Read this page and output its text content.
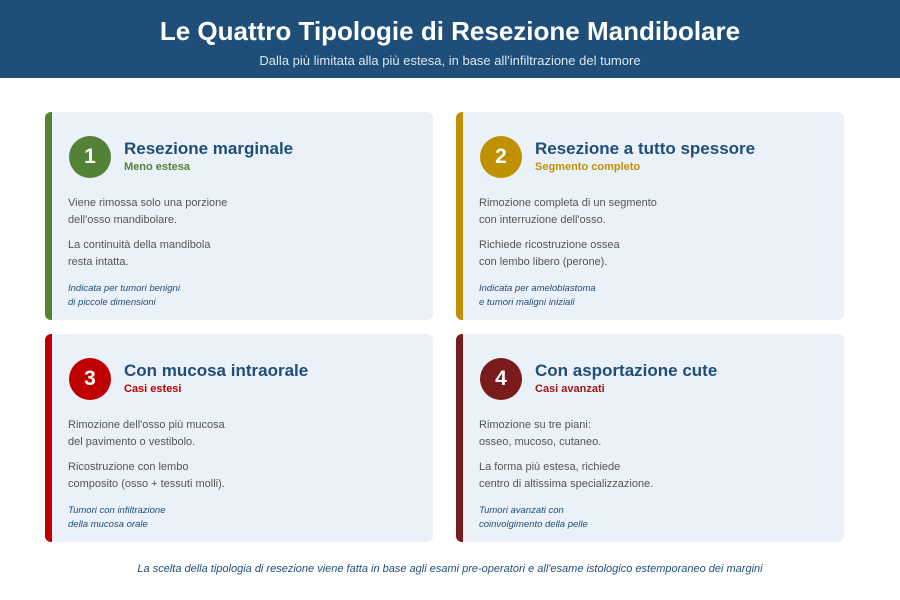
Le Quattro Tipologie di Resezione Mandibolare
Dalla più limitata alla più estesa, in base all'infiltrazione del tumore
1	Resezione marginale
Meno estesa
Viene rimossa solo una porzione
dell'osso mandibolare.
La continuità della mandibola
resta intatta.
Indicata per tumori benigni
di piccole dimensioni
2	Resezione a tutto spessore
Segmento completo
Rimozione completa di un segmento
con interruzione dell'osso.
Richiede ricostruzione ossea
con lembo libero (perone).
Indicata per ameloblastoma
e tumori maligni iniziali
3	Con mucosa intraorale
Casi estesi
Rimozione dell'osso più mucosa
del pavimento o vestibolo.
Ricostruzione con lembo
composito (osso + tessuti molli).
Tumori con infiltrazione
della mucosa orale
4	Con asportazione cute
Casi avanzati
Rimozione su tre piani:
osseo, mucoso, cutaneo.
La forma più estesa, richiede
centro di altissima specializzazione.
Tumori avanzati con
coinvolgimento della pelle
La scelta della tipologia di resezione viene fatta in base agli esami pre-operatori e all'esame istologico estemporaneo dei margini
